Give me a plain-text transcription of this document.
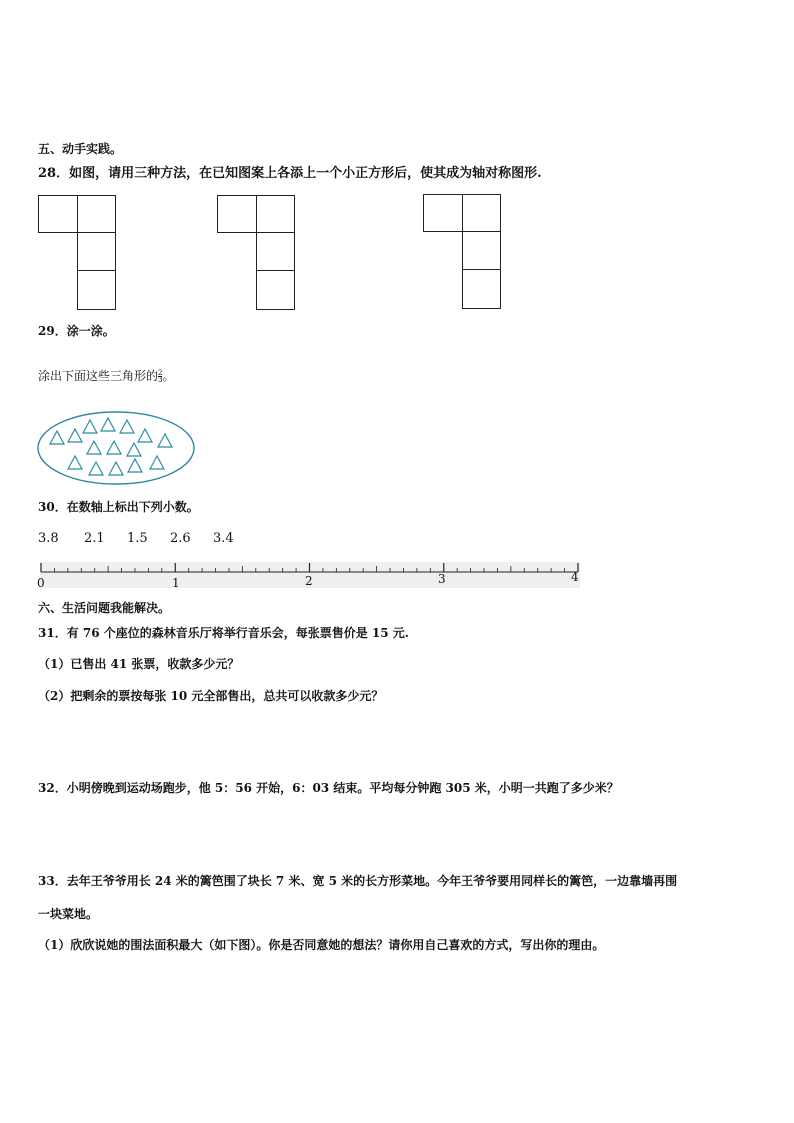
五、动手实践。
28．如图，请用三种方法，在已知图案上各添上一个小正方形后，使其成为轴对称图形.
29．涂一涂。
涂出下面这些三角形的 $\frac{2}{3}$ 。
30．在数轴上标出下列小数。
3.8 2.1 1.5 2.6 3.4
0	1	2	3	4
六、生活问题我能解决。
31．有 76 个座位的森林音乐厅将举行音乐会，每张票售价是 15 元.
（1）已售出 41 张票，收款多少元？
（2）把剩余的票按每张 10 元全部售出，总共可以收款多少元？
32．小明傍晚到运动场跑步，他 5：56 开始，6：03 结束。平均每分钟跑 305 米，小明一共跑了多少米？
33．去年王爷爷用长 24 米的篱笆围了块长 7 米、宽 5 米的长方形菜地。今年王爷爷要用同样长的篱笆，一边靠墙再围
一块菜地。
（1）欣欣说她的围法面积最大（如下图）。你是否同意她的想法？请你用自己喜欢的方式，写出你的理由。
